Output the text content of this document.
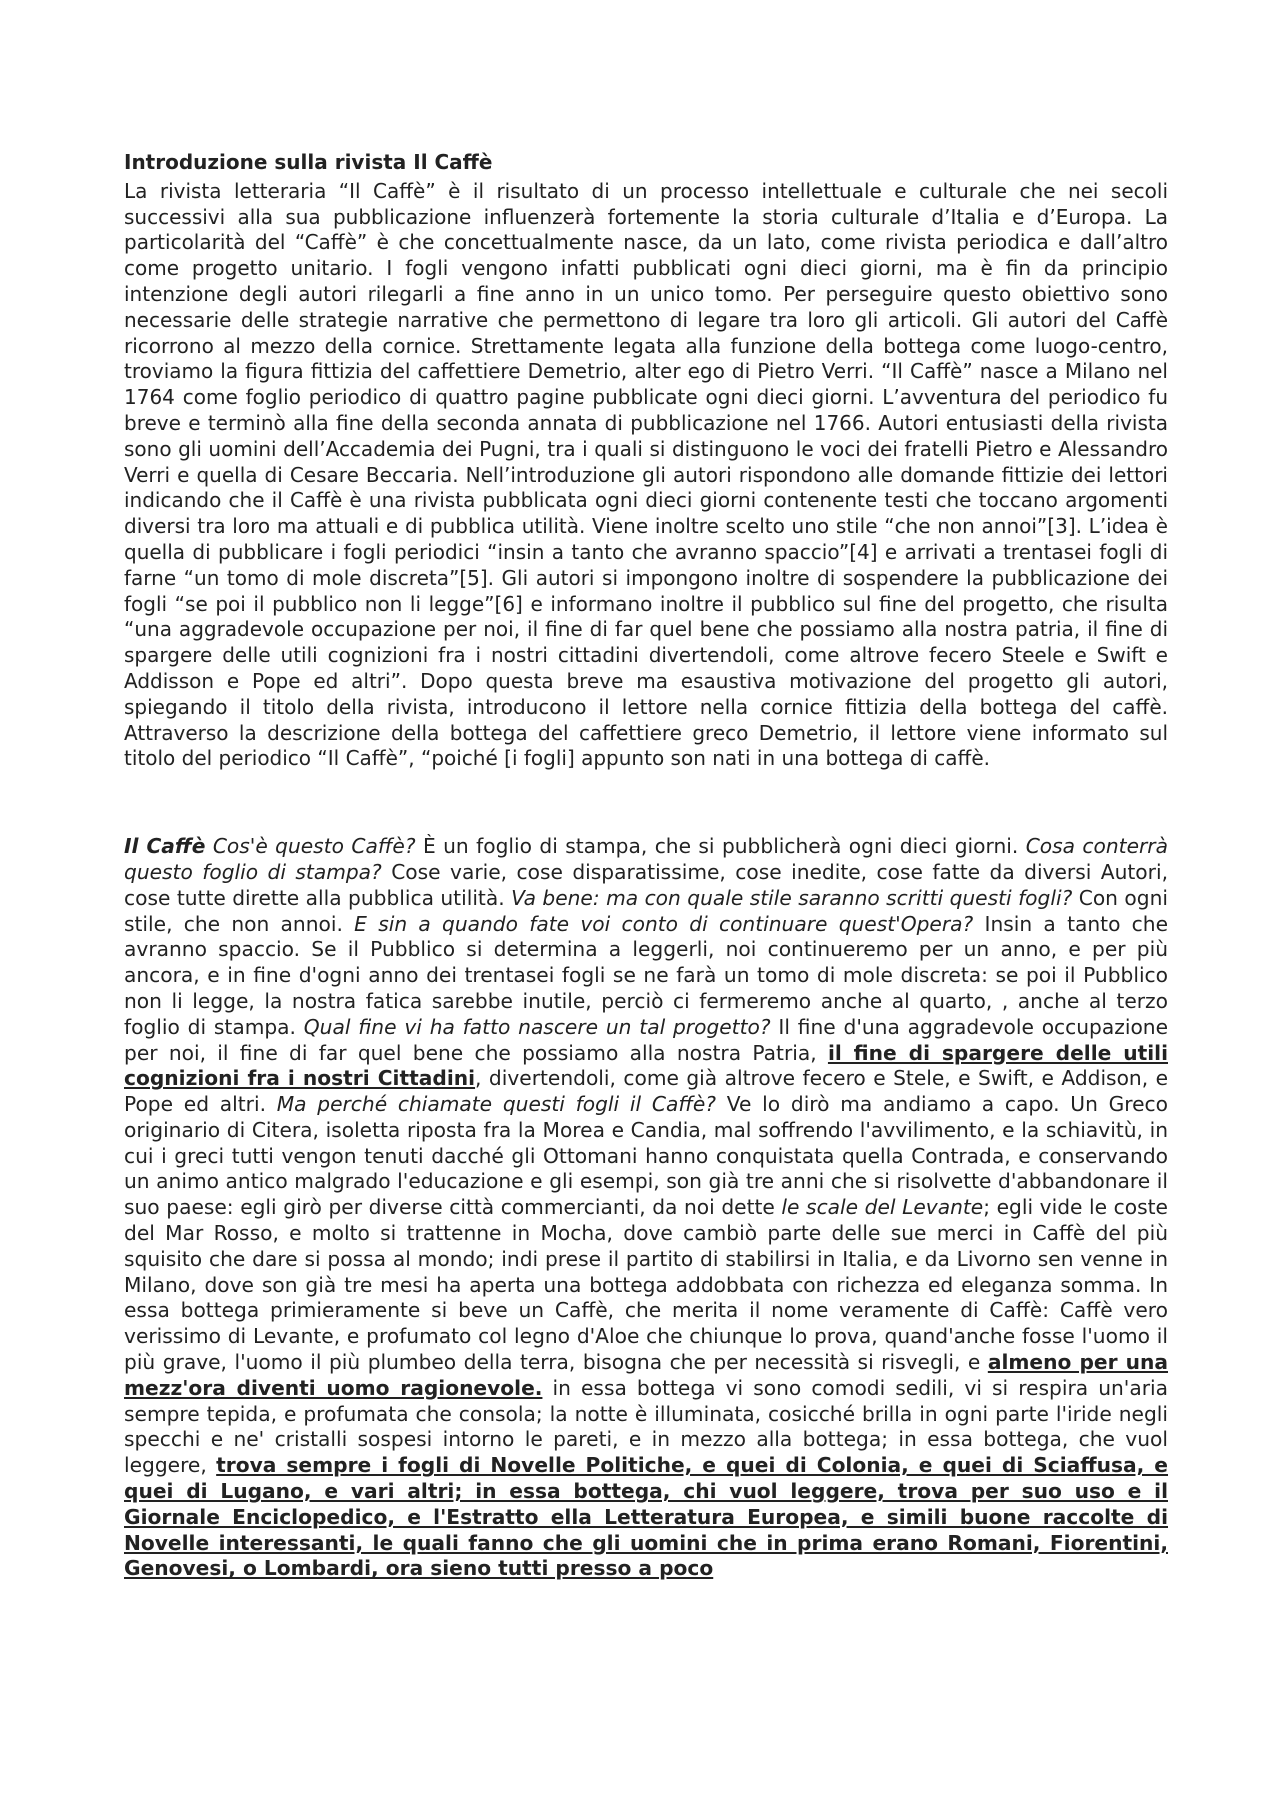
Introduzione sulla rivista Il Caffè

La rivista letteraria “Il Caffè” è il risultato di un processo intellettuale e culturale che nei secoli successivi alla sua pubblicazione influenzerà fortemente la storia culturale d’Italia e d’Europa. La particolarità del “Caffè” è che concettualmente nasce, da un lato, come rivista periodica e dall’altro come progetto unitario. I fogli vengono infatti pubblicati ogni dieci giorni, ma è fin da principio intenzione degli autori rilegarli a fine anno in un unico tomo. Per perseguire questo obiettivo sono necessarie delle strategie narrative che permettono di legare tra loro gli articoli. Gli autori del Caffè ricorrono al mezzo della cornice. Strettamente legata alla funzione della bottega come luogo-centro, troviamo la figura fittizia del caffettiere Demetrio, alter ego di Pietro Verri. “Il Caffè” nasce a Milano nel 1764 come foglio periodico di quattro pagine pubblicate ogni dieci giorni. L’avventura del periodico fu breve e terminò alla fine della seconda annata di pubblicazione nel 1766. Autori entusiasti della rivista sono gli uomini dell’Accademia dei Pugni, tra i quali si distinguono le voci dei fratelli Pietro e Alessandro Verri e quella di Cesare Beccaria. Nell’introduzione gli autori rispondono alle domande fittizie dei lettori indicando che il Caffè è una rivista pubblicata ogni dieci giorni contenente testi che toccano argomenti diversi tra loro ma attuali e di pubblica utilità. Viene inoltre scelto uno stile “che non annoi”[3]. L’idea è quella di pubblicare i fogli periodici “insin a tanto che avranno spaccio”[4] e arrivati a trentasei fogli di farne “un tomo di mole discreta”[5]. Gli autori si impongono inoltre di sospendere la pubblicazione dei fogli “se poi il pubblico non li legge”[6] e informano inoltre il pubblico sul fine del progetto, che risulta “una aggradevole occupazione per noi, il fine di far quel bene che possiamo alla nostra patria, il fine di spargere delle utili cognizioni fra i nostri cittadini divertendoli, come altrove fecero Steele e Swift e Addisson e Pope ed altri”. Dopo questa breve ma esaustiva motivazione del progetto gli autori, spiegando il titolo della rivista, introducono il lettore nella cornice fittizia della bottega del caffè. Attraverso la descrizione della bottega del caffettiere greco Demetrio, il lettore viene informato sul titolo del periodico “Il Caffè”, “poiché [i fogli] appunto son nati in una bottega di caffè.

Il Caffè Cos'è questo Caffè? È un foglio di stampa, che si pubblicherà ogni dieci giorni. Cosa conterrà questo foglio di stampa? Cose varie, cose disparatissime, cose inedite, cose fatte da diversi Autori, cose tutte dirette alla pubblica utilità. Va bene: ma con quale stile saranno scritti questi fogli? Con ogni stile, che non annoi. E sin a quando fate voi conto di continuare quest'Opera? Insin a tanto che avranno spaccio. Se il Pubblico si determina a leggerli, noi continueremo per un anno, e per più ancora, e in fine d'ogni anno dei trentasei fogli se ne farà un tomo di mole discreta: se poi il Pubblico non li legge, la nostra fatica sarebbe inutile, perciò ci fermeremo anche al quarto, , anche al terzo foglio di stampa. Qual fine vi ha fatto nascere un tal progetto? Il fine d'una aggradevole occupazione per noi, il fine di far quel bene che possiamo alla nostra Patria, il fine di spargere delle utili cognizioni fra i nostri Cittadini, divertendoli, come già altrove fecero e Stele, e Swift, e Addison, e Pope ed altri. Ma perché chiamate questi fogli il Caffè? Ve lo dirò ma andiamo a capo. Un Greco originario di Citera, isoletta riposta fra la Morea e Candia, mal soffrendo l'avvilimento, e la schiavitù, in cui i greci tutti vengon tenuti dacché gli Ottomani hanno conquistata quella Contrada, e conservando un animo antico malgrado l'educazione e gli esempi, son già tre anni che si risolvette d'abbandonare il suo paese: egli girò per diverse città commercianti, da noi dette le scale del Levante; egli vide le coste del Mar Rosso, e molto si trattenne in Mocha, dove cambiò parte delle sue merci in Caffè del più squisito che dare si possa al mondo; indi prese il partito di stabilirsi in Italia, e da Livorno sen venne in Milano, dove son già tre mesi ha aperta una bottega addobbata con richezza ed eleganza somma. In essa bottega primieramente si beve un Caffè, che merita il nome veramente di Caffè: Caffè vero verissimo di Levante, e profumato col legno d'Aloe che chiunque lo prova, quand'anche fosse l'uomo il più grave, l'uomo il più plumbeo della terra, bisogna che per necessità si risvegli, e almeno per una mezz'ora diventi uomo ragionevole. in essa bottega vi sono comodi sedili, vi si respira un'aria sempre tepida, e profumata che consola; la notte è illuminata, cosicché brilla in ogni parte l'iride negli specchi e ne' cristalli sospesi intorno le pareti, e in mezzo alla bottega; in essa bottega, che vuol leggere, trova sempre i fogli di Novelle Politiche, e quei di Colonia, e quei di Sciaffusa, e quei di Lugano, e vari altri; in essa bottega, chi vuol leggere, trova per suo uso e il Giornale Enciclopedico, e l'Estratto ella Letteratura Europea, e simili buone raccolte di Novelle interessanti, le quali fanno che gli uomini che in prima erano Romani, Fiorentini, Genovesi, o Lombardi, ora sieno tutti presso a poco
